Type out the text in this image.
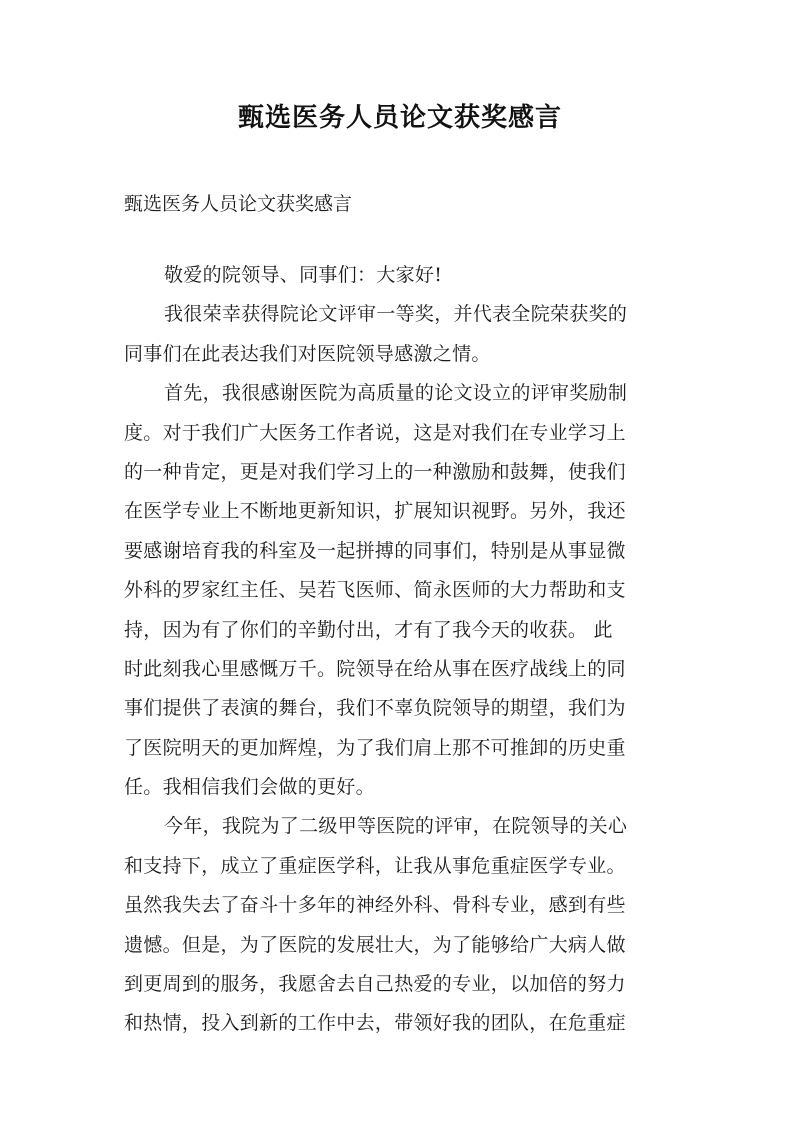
甄选医务人员论文获奖感言
甄选医务人员论文获奖感言
敬爱的院领导、同事们：大家好!
我很荣幸获得院论文评审一等奖，并代表全院荣获奖的
同事们在此表达我们对医院领导感激之情。
首先，我很感谢医院为高质量的论文设立的评审奖励制
度。对于我们广大医务工作者说，这是对我们在专业学习上
的一种肯定，更是对我们学习上的一种激励和鼓舞，使我们
在医学专业上不断地更新知识，扩展知识视野。另外，我还
要感谢培育我的科室及一起拼搏的同事们，特别是从事显微
外科的罗家红主任、吴若飞医师、简永医师的大力帮助和支
持，因为有了你们的辛勤付出，才有了我今天的收获。 此
时此刻我心里感慨万千。院领导在给从事在医疗战线上的同
事们提供了表演的舞台，我们不辜负院领导的期望，我们为
了医院明天的更加辉煌，为了我们肩上那不可推卸的历史重
任。我相信我们会做的更好。
今年，我院为了二级甲等医院的评审，在院领导的关心
和支持下，成立了重症医学科，让我从事危重症医学专业。
虽然我失去了奋斗十多年的神经外科、骨科专业，感到有些
遗憾。但是，为了医院的发展壮大，为了能够给广大病人做
到更周到的服务，我愿舍去自己热爱的专业，以加倍的努力
和热情，投入到新的工作中去，带领好我的团队，在危重症
